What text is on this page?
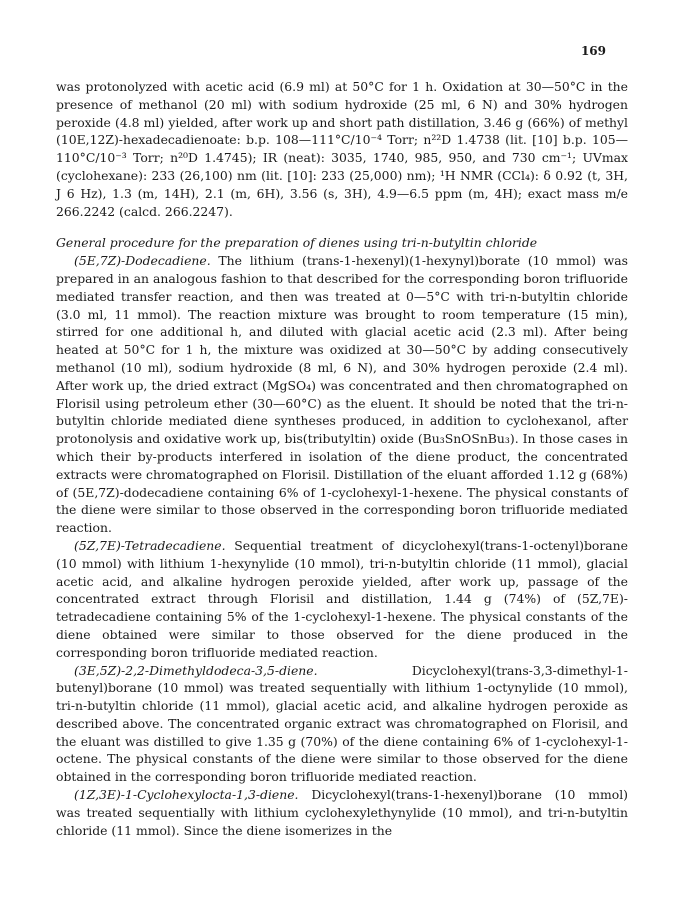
169

was protonolyzed with acetic acid (6.9 ml) at 50°C for 1 h. Oxidation at 30—50°C in the presence of methanol (20 ml) with sodium hydroxide (25 ml, 6 N) and 30% hydrogen peroxide (4.8 ml) yielded, after work up and short path distillation, 3.46 g (66%) of methyl (10E,12Z)-hexadecadienoate: b.p. 108—111°C/10⁻⁴ Torr; n²²D 1.4738 (lit. [10] b.p. 105—110°C/10⁻³ Torr; n²⁰D 1.4745); IR (neat): 3035, 1740, 985, 950, and 730 cm⁻¹; UVmax (cyclohexane): 233 (26,100) nm (lit. [10]: 233 (25,000) nm); ¹H NMR (CCl₄): δ 0.92 (t, 3H, J 6 Hz), 1.3 (m, 14H), 2.1 (m, 6H), 3.56 (s, 3H), 4.9—6.5 ppm (m, 4H); exact mass m/e 266.2242 (calcd. 266.2247).

General procedure for the preparation of dienes using tri-n-butyltin chloride

(5E,7Z)-Dodecadiene. The lithium (trans-1-hexenyl)(1-hexynyl)borate (10 mmol) was prepared in an analogous fashion to that described for the corresponding boron trifluoride mediated transfer reaction, and then was treated at 0—5°C with tri-n-butyltin chloride (3.0 ml, 11 mmol). The reaction mixture was brought to room temperature (15 min), stirred for one additional h, and diluted with glacial acetic acid (2.3 ml). After being heated at 50°C for 1 h, the mixture was oxidized at 30—50°C by adding consecutively methanol (10 ml), sodium hydroxide (8 ml, 6 N), and 30% hydrogen peroxide (2.4 ml). After work up, the dried extract (MgSO₄) was concentrated and then chromatographed on Florisil using petroleum ether (30—60°C) as the eluent. It should be noted that the tri-n-butyltin chloride mediated diene syntheses produced, in addition to cyclohexanol, after protonolysis and oxidative work up, bis(tributyltin) oxide (Bu₃SnOSnBu₃). In those cases in which their by-products interfered in isolation of the diene product, the concentrated extracts were chromatographed on Florisil. Distillation of the eluant afforded 1.12 g (68%) of (5E,7Z)-dodecadiene containing 6% of 1-cyclohexyl-1-hexene. The physical constants of the diene were similar to those observed in the corresponding boron trifluoride mediated reaction.

(5Z,7E)-Tetradecadiene. Sequential treatment of dicyclohexyl(trans-1-octenyl)borane (10 mmol) with lithium 1-hexynylide (10 mmol), tri-n-butyltin chloride (11 mmol), glacial acetic acid, and alkaline hydrogen peroxide yielded, after work up, passage of the concentrated extract through Florisil and distillation, 1.44 g (74%) of (5Z,7E)-tetradecadiene containing 5% of the 1-cyclohexyl-1-hexene. The physical constants of the diene obtained were similar to those observed for the diene produced in the corresponding boron trifluoride mediated reaction.

(3E,5Z)-2,2-Dimethyldodeca-3,5-diene.	Dicyclohexyl(trans-3,3-dimethyl-1-butenyl)borane (10 mmol) was treated sequentially with lithium 1-octynylide (10 mmol), tri-n-butyltin chloride (11 mmol), glacial acetic acid, and alkaline hydrogen peroxide as described above. The concentrated organic extract was chromatographed on Florisil, and the eluant was distilled to give 1.35 g (70%) of the diene containing 6% of 1-cyclohexyl-1-octene. The physical constants of the diene were similar to those observed for the diene obtained in the corresponding boron trifluoride mediated reaction.

(1Z,3E)-1-Cyclohexylocta-1,3-diene. Dicyclohexyl(trans-1-hexenyl)borane (10 mmol) was treated sequentially with lithium cyclohexylethynylide (10 mmol), and tri-n-butyltin chloride (11 mmol). Since the diene isomerizes in the
